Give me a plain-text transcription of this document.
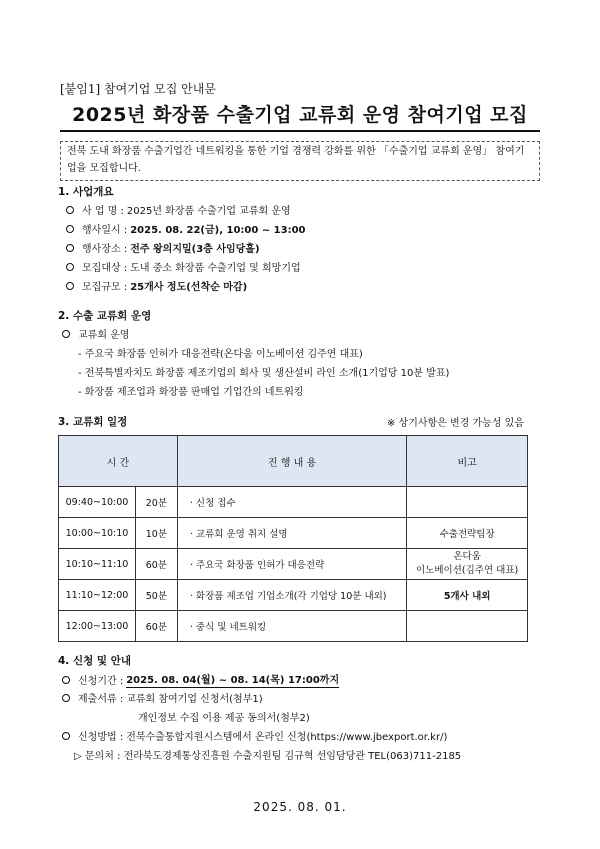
[붙임1] 참여기업 모집 안내문
2025년 화장품 수출기업 교류회 운영 참여기업 모집
전북 도내 화장품 수출기업간 네트워킹을 통한 기업 경쟁력 강화를 위한 「수출기업 교류회 운영」 참여기업을 모집합니다.
1. 사업개요
사 업 명 : 2025년 화장품 수출기업 교류회 운영
행사일시 : 2025. 08. 22(금), 10:00 ~ 13:00
행사장소 : 전주 왕의지밀(3층 사임당홀)
모집대상 : 도내 중소 화장품 수출기업 및 희망기업
모집규모 : 25개사 정도(선착순 마감)
2. 수출 교류회 운영
교류회 운영
- 주요국 화장품 인허가 대응전략(온다움 이노베이션 김주연 대표)
- 전북특별자치도 화장품 제조기업의 회사 및 생산설비 라인 소개(1기업당 10분 발표)
- 화장품 제조업과 화장품 판매업 기업간의 네트워킹
3. 교류회 일정	※ 상기사항은 변경 가능성 있음
시 간		진 행 내 용	비고
09:40~10:00	20분	· 신청 접수	
10:00~10:10	10분	· 교류회 운영 취지 설명	수출전략팀장
10:10~11:10	60분	· 주요국 화장품 인허가 대응전략	온다움
이노베이션(김주연 대표)

11:10~12:00	50분	· 화장품 제조업 기업소개(각 기업당 10분 내외)	5개사 내외
12:00~13:00	60분	· 중식 및 네트워킹	
4. 신청 및 안내
신청기간 : 2025. 08. 04(월) ~ 08. 14(목) 17:00까지
제출서류 : 교류회 참여기업 신청서(첨부1)
개인정보 수집 이용 제공 동의서(첨부2)
신청방법 : 전북수출통합지원시스템에서 온라인 신청(https://www.jbexport.or.kr/)
▷ 문의처 : 전라북도경제통상진흥원 수출지원팀 김규혁 선임담당관 TEL(063)711-2185
2025. 08. 01.
